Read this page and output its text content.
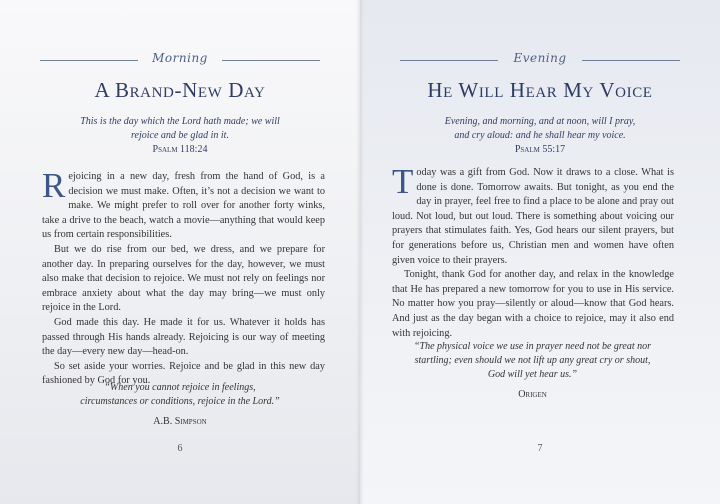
Morning
A Brand-New Day
This is the day which the Lord hath made; we will rejoice and be glad in it.
Psalm 118:24

Rejoicing in a new day, fresh from the hand of God, is a decision we must make. Often, it’s not a decision we want to make. We might prefer to roll over for another forty winks, take a drive to the beach, watch a movie—anything that would keep us from certain responsibilities.

But we do rise from our bed, we dress, and we prepare for another day. In preparing ourselves for the day, however, we must also make that decision to rejoice. We must not rely on feelings nor embrace anxiety about what the day may bring—we must only rejoice in the Lord.

God made this day. He made it for us. Whatever it holds has passed through His hands already. Rejoicing is our way of meeting the day—every new day—head-on.

So set aside your worries. Rejoice and be glad in this new day fashioned by God for you.

“When you cannot rejoice in feelings, circumstances or conditions, rejoice in the Lord.”
A.B. Simpson
6
Evening
He Will Hear My Voice
Evening, and morning, and at noon, will I pray, and cry aloud: and he shall hear my voice.
Psalm 55:17

Today was a gift from God. Now it draws to a close. What is done is done. Tomorrow awaits. But tonight, as you end the day in prayer, feel free to find a place to be alone and pray out loud. Not loud, but out loud. There is something about voicing our prayers that stimulates faith. Yes, God hears our silent prayers, but for generations before us, Christian men and women have often given voice to their prayers.

Tonight, thank God for another day, and relax in the knowledge that He has prepared a new tomorrow for you to use in His service. No matter how you pray—silently or aloud—know that God hears. And just as the day began with a choice to rejoice, may it also end with rejoicing.

“The physical voice we use in prayer need not be great nor startling; even should we not lift up any great cry or shout, God will yet hear us.”
Origen
7
